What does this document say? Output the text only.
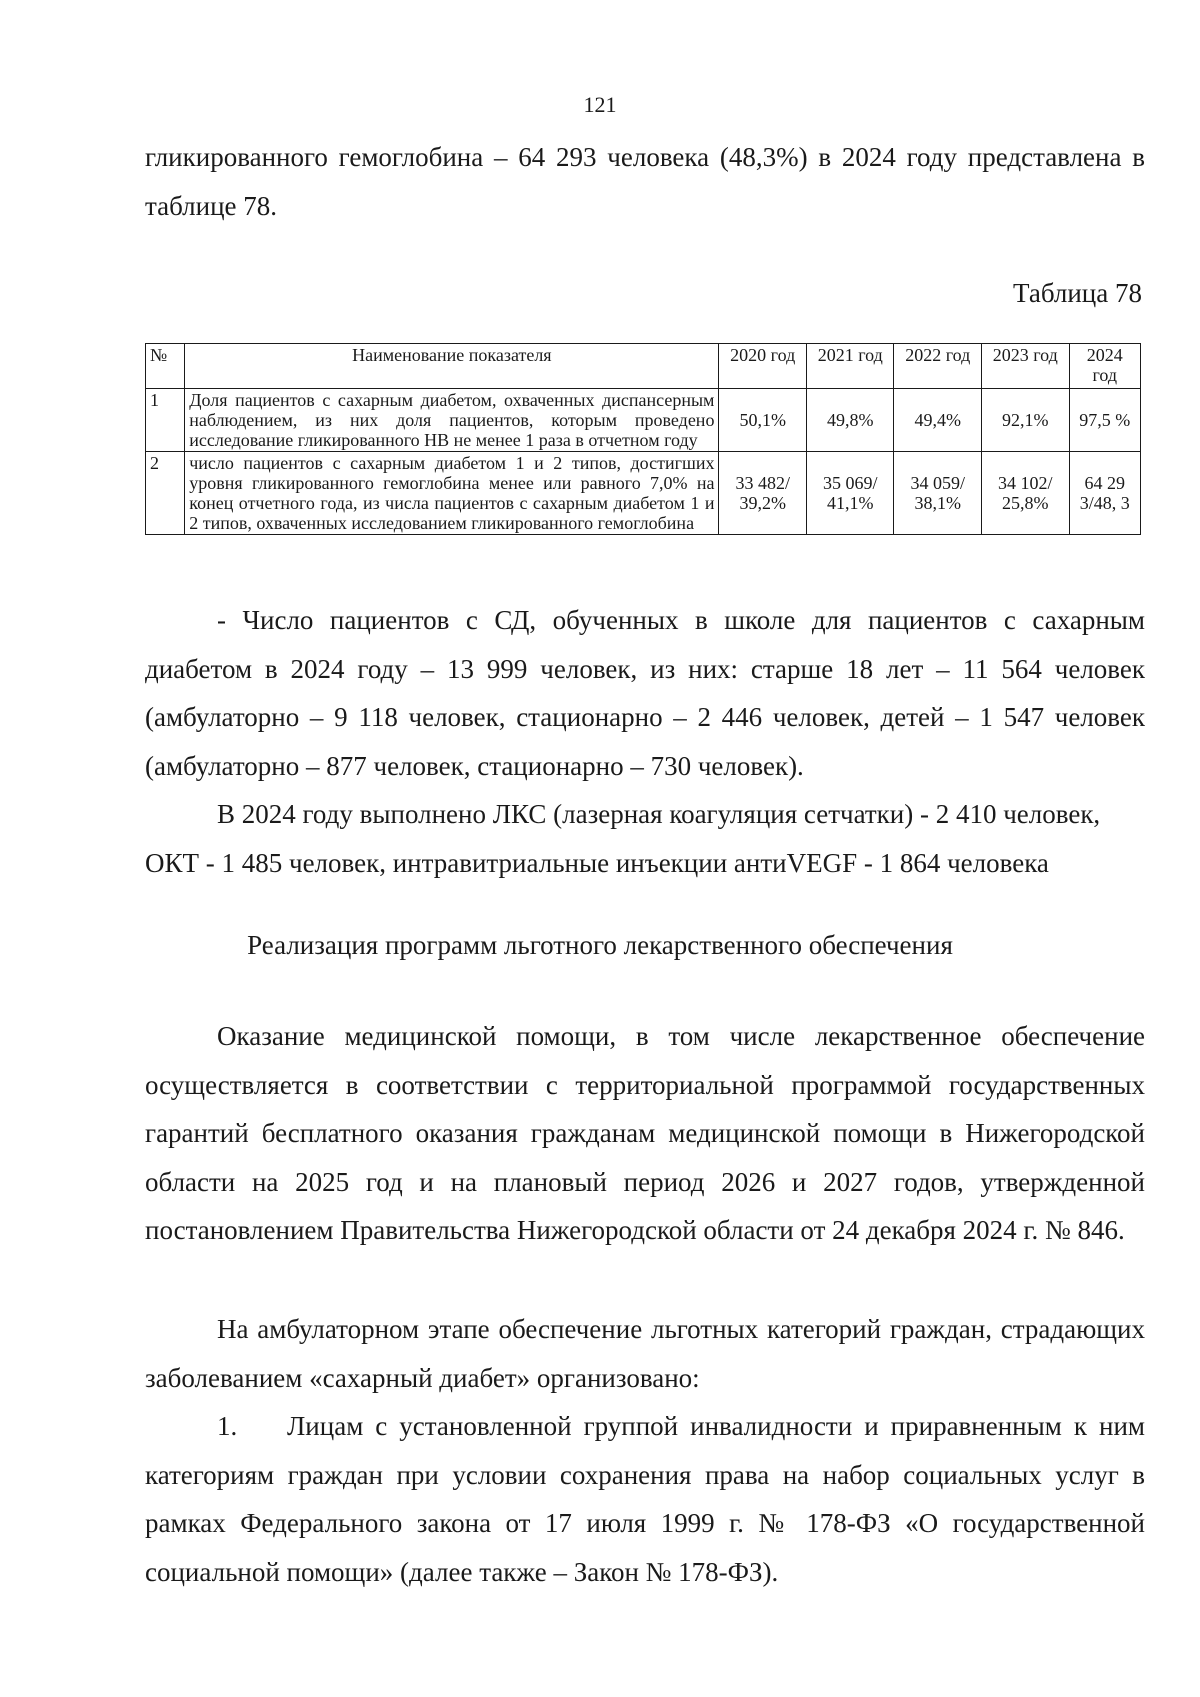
121

гликированного гемоглобина – 64 293 человека (48,3%) в 2024 году представлена в таблице 78.

Таблица 78
№	Наименование показателя	2020 год	2021 год	2022 год	2023 год	2024 год
1	Доля пациентов с сахарным диабетом, охваченных диспансерным наблюдением, из них доля пациентов, которым проведено исследование гликированного НВ не менее 1 раза в отчетном году	50,1%	49,8%	49,4%	92,1%	97,5 %
2	число пациентов с сахарным диабетом 1 и 2 типов, достигших уровня гликированного гемоглобина менее или равного 7,0% на конец отчетного года, из числа пациентов с сахарным диабетом 1 и 2 типов, охваченных исследованием гликированного гемоглобина	33 482/ 39,2%	35 069/ 41,1%	34 059/ 38,1%	34 102/ 25,8%	64 29 3/48, 3

- Число пациентов с СД, обученных в школе для пациентов с сахарным диабетом в 2024 году – 13 999 человек, из них: старше 18 лет – 11 564 человек (амбулаторно – 9 118 человек, стационарно – 2 446 человек, детей – 1 547 человек (амбулаторно – 877 человек, стационарно – 730 человек).

В 2024 году выполнено ЛКС (лазерная коагуляция сетчатки) - 2 410 человек, ОКТ - 1 485 человек, интравитриальные инъекции антиVEGF - 1 864 человека

Реализация программ льготного лекарственного обеспечения

Оказание медицинской помощи, в том числе лекарственное обеспечение осуществляется в соответствии с территориальной программой государственных гарантий бесплатного оказания гражданам медицинской помощи в Нижегородской области на 2025 год и на плановый период 2026 и 2027 годов, утвержденной постановлением Правительства Нижегородской области от 24 декабря 2024 г. № 846.

На амбулаторном этапе обеспечение льготных категорий граждан, страдающих заболеванием «сахарный диабет» организовано:

1. Лицам с установленной группой инвалидности и приравненным к ним категориям граждан при условии сохранения права на набор социальных услуг в рамках Федерального закона от 17 июля 1999 г. № 178-ФЗ «О государственной социальной помощи» (далее также – Закон № 178-ФЗ).
